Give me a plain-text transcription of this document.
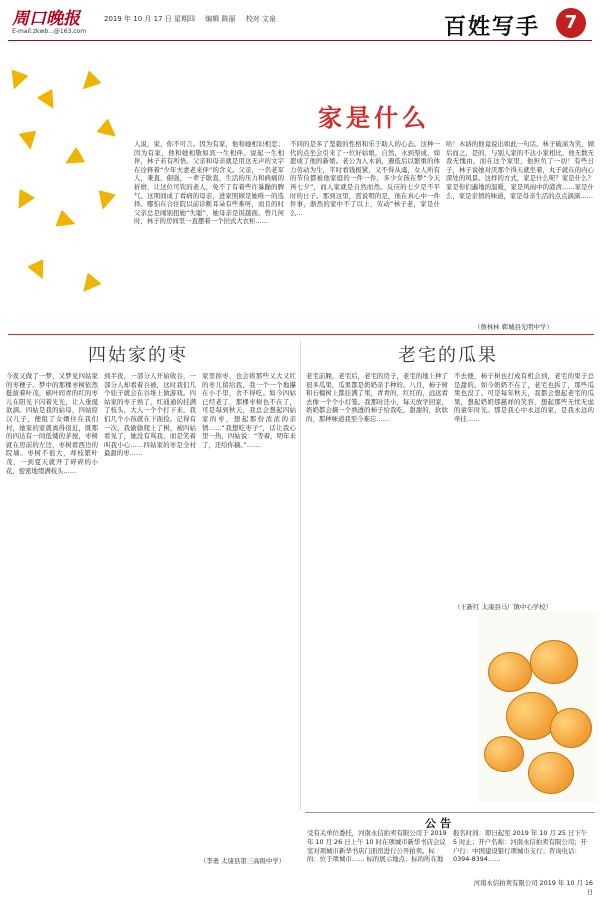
周口晚报	2019 年 10 月 17 日 星期四 编辑 陈丽 校对 文泉
E-mail:zkwb...@163.com	百姓写手	7
家是什么
人说，家，你不可言。因为有家，他和她相识相恋；因为有家，他和她相敬如宾一生相伴。说起一生相伴，林子若有所悟。父亲和母亲就是用这无声的文字在诠释着“少年夫妻老来伴”的含义。父亲，一名老军人，秉直，倔强，一辈子耿直，生活的压力和病痛的折磨，让这位可钦的老人，免不了有着些许暴躁的脾气。这期间成了看病的母亲，进家照顾是她唯一的选择。哪怕在合住院以前诊断耳朵有些难听，而且的时父亲总是闹别扭她“失聪”，她母亲是饭越面。曾几何时，林子的房间里一直摆着一个旧式大衣柜……
不同的是多了坚毅的性格和乐于助人的心态。这种一代的点坐会引来了一位好姑娘，自然，水到渠成，如愿成了他的新娘。老公为人木讷，遇低后以繁重的体力劳动为生，平时看钱极紧，又不得从虞，女人所有的节俭都被他家庭的一件一件，多少女孩在梦“今天再七夕”，而人家就是自然而然。反应的七夕是不平时的日子。那到这里，需说明的是，他在真心中一件件事，渐然的家中不了以上，劳动“林子老，家是什么…
哈！木讷的他竟说出如此一句话。林子破涕为笑，顾后而之，是的，与别人家的不达小家相比，他无数无我无愧由，而在这个家里，他担负了一切！有些日子，林子说她对厌那个得天就坐着，丸子就在的内心深处的风景。这样的方式，家是什么呢？家是什么？家是你们遍地的温暖，家是风雨中的港湾……家是什么，家是亲情的味道，家是母亲生活的点点滴滴……
（詹林林 郸城县光明中学）
四姑家的枣
今夜又做了一梦，又梦见四姑家的枣梗子。梦中的那棵枣树依然挺拔着叶茂，硕叶间青的红的枣儿在阳光下闪着光光，让人垂涎欲滴。四姑是我的姑母，四姑原汉儿子，便组了女婿住在我们村，她家的家就离得很近，既那的四达有一间低矮的茅屋，枣树就在房前的左边，枣树看西边的院墙。枣树不很大，却枝繁叶茂，一到夏天就开了碎碎的小花，密密地缀满枝头……
到半夜，一部分人开始收谷，一部分人却看着谷被，这时我们几个娃子就会在谷堆上做游戏。四姑家的枣子熟了，红通通的挂满了枝头，大人一个个打下来，我们几个小孩就在下面捡。记得有一次，我偷偷爬上了树，被四姑看见了，她没有骂我，而是笑着叫我小心……四姑家的枣是全村最甜的枣……
家里掉枣，也会将那些又大又红的枣儿留给我，我一个一个地攥在小手里，舍不得吃。如今四姑已经老了，那棵枣树也不在了，可是每到秋天，我总会想起四姑家的枣，想起那份浓浓的亲情……“我想吃枣子”，话让我心里一热，四姑说：“等着，明年来了，还给你摘。”……
（李勇 太康县第三高级中学）
老宅的瓜果
老宅前厢，老宅后，老宅的房子，老宅的地上种了很多瓜果，瓜果都是奶奶亲手种的。八月，柿子树和石榴树上都挂满了果，青青的，红红的，远远看去像一个个小灯笼。我那时还小，每天放学回家，奶奶都会摘一个熟透的柿子给我吃，甜甜的，软软的，那种味道我至今难忘……
不去便，柿子树也打成有机会到，老宅的果子总是甜的。如今奶奶不在了，老宅也拆了，那些瓜果也没了。可是每年秋天，我都会想起老宅的瓜果，想起奶奶那慈祥的笑容，想起那些无忧无虑的童年时光。那是我心中永远的家，是我永远的牵挂……
（王新红 太康县马厂镇中心学校）
公告
受有关单位委托，河南永信拍卖有限公司于 2019 年 10 月 26 日上午 10 时在项城市新华书店会议室对项城市新华书店门面房进行公开拍卖。标的：位于项城市…… 标的展示地点：标的所在地
报名时间：即日起至 2019 年 10 月 25 日下午 5 时止；开户名称：河南永信拍卖有限公司；开户行：中国建设银行项城市支行；咨询电话：0394-8394……
河南永信拍卖有限公司 2019 年 10 月 16 日
